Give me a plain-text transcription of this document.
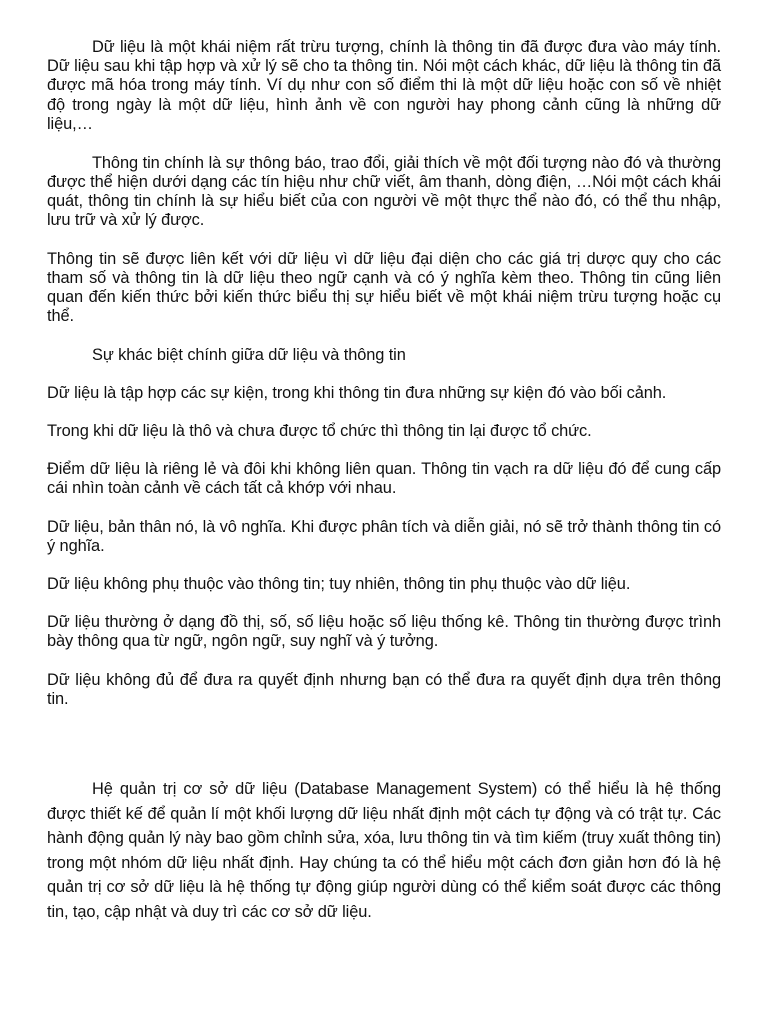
Dữ liệu là một khái niệm rất trừu tượng, chính là thông tin đã được đưa vào máy tính. Dữ liệu sau khi tập hợp và xử lý sẽ cho ta thông tin. Nói một cách khác, dữ liệu là thông tin đã được mã hóa trong máy tính. Ví dụ như con số điểm thi là một dữ liệu hoặc con số về nhiệt độ trong ngày là một dữ liệu, hình ảnh về con người hay phong cảnh cũng là những dữ liệu,…

Thông tin chính là sự thông báo, trao đổi, giải thích về một đối tượng nào đó và thường được thể hiện dưới dạng các tín hiệu như chữ viết, âm thanh, dòng điện, …Nói một cách khái quát, thông tin chính là sự hiểu biết của con người về một thực thể nào đó, có thể thu nhập, lưu trữ và xử lý được.

Thông tin sẽ được liên kết với dữ liệu vì dữ liệu đại diện cho các giá trị dược quy cho các tham số và thông tin là dữ liệu theo ngữ cạnh và có ý nghĩa kèm theo. Thông tin cũng liên quan đến kiến thức bởi kiến thức biểu thị sự hiểu biết về một khái niệm trừu tượng hoặc cụ thể.

Sự khác biệt chính giữa dữ liệu và thông tin

Dữ liệu là tập hợp các sự kiện, trong khi thông tin đưa những sự kiện đó vào bối cảnh.

Trong khi dữ liệu là thô và chưa được tổ chức thì thông tin lại được tổ chức.

Điểm dữ liệu là riêng lẻ và đôi khi không liên quan. Thông tin vạch ra dữ liệu đó để cung cấp cái nhìn toàn cảnh về cách tất cả khớp với nhau.

Dữ liệu, bản thân nó, là vô nghĩa. Khi được phân tích và diễn giải, nó sẽ trở thành thông tin có ý nghĩa.

Dữ liệu không phụ thuộc vào thông tin; tuy nhiên, thông tin phụ thuộc vào dữ liệu.

Dữ liệu thường ở dạng đồ thị, số, số liệu hoặc số liệu thống kê. Thông tin thường được trình bày thông qua từ ngữ, ngôn ngữ, suy nghĩ và ý tưởng.

Dữ liệu không đủ để đưa ra quyết định nhưng bạn có thể đưa ra quyết định dựa trên thông tin.

Hệ quản trị cơ sở dữ liệu (Database Management System) có thể hiểu là hệ thống được thiết kế để quản lí một khối lượng dữ liệu nhất định một cách tự động và có trật tự. Các hành động quản lý này bao gồm chỉnh sửa, xóa, lưu thông tin và tìm kiếm (truy xuất thông tin) trong một nhóm dữ liệu nhất định. Hay chúng ta có thể hiểu một cách đơn giản hơn đó là hệ quản trị cơ sở dữ liệu là hệ thống tự động giúp người dùng có thể kiểm soát được các thông tin, tạo, cập nhật và duy trì các cơ sở dữ liệu.
